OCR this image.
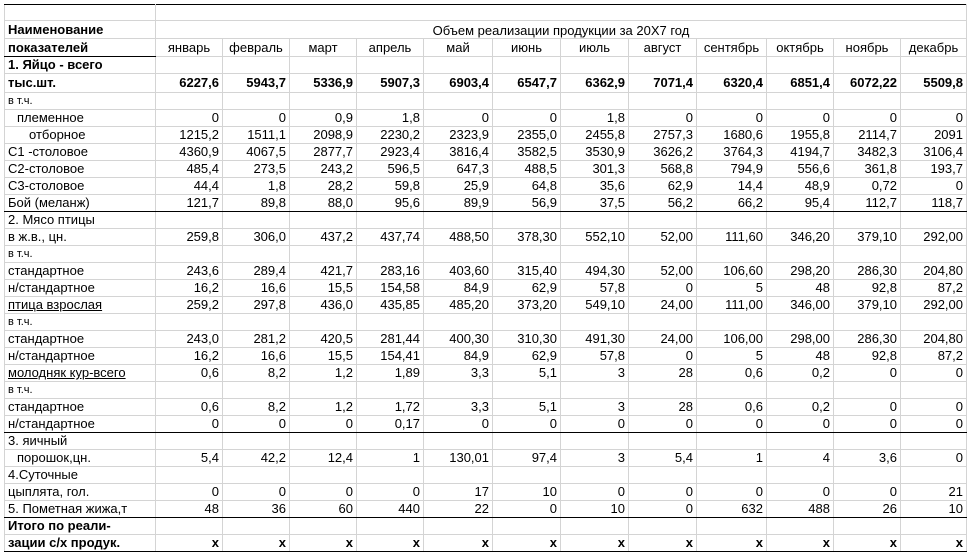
Наименование	Объем реализации продукции за 20Х7 год											
показателей	январь	февраль	март	апрель	май	июнь	июль	август	сентябрь	октябрь	ноябрь	декабрь
1. Яйцо - всего												
тыс.шт.	6227,6	5943,7	5336,9	5907,3	6903,4	6547,7	6362,9	7071,4	6320,4	6851,4	6072,22	5509,8
в т.ч.												
племенное	0	0	0,9	1,8	0	0	1,8	0	0	0	0	0
отборное	1215,2	1511,1	2098,9	2230,2	2323,9	2355,0	2455,8	2757,3	1680,6	1955,8	2114,7	2091
С1 -столовое	4360,9	4067,5	2877,7	2923,4	3816,4	3582,5	3530,9	3626,2	3764,3	4194,7	3482,3	3106,4
С2-столовое	485,4	273,5	243,2	596,5	647,3	488,5	301,3	568,8	794,9	556,6	361,8	193,7
С3-столовое	44,4	1,8	28,2	59,8	25,9	64,8	35,6	62,9	14,4	48,9	0,72	0
Бой (меланж)	121,7	89,8	88,0	95,6	89,9	56,9	37,5	56,2	66,2	95,4	112,7	118,7
2. Мясо птицы												
в ж.в., цн.	259,8	306,0	437,2	437,74	488,50	378,30	552,10	52,00	111,60	346,20	379,10	292,00
в т.ч.												
стандартное	243,6	289,4	421,7	283,16	403,60	315,40	494,30	52,00	106,60	298,20	286,30	204,80
н/стандартное	16,2	16,6	15,5	154,58	84,9	62,9	57,8	0	5	48	92,8	87,2
птица взрослая	259,2	297,8	436,0	435,85	485,20	373,20	549,10	24,00	111,00	346,00	379,10	292,00
в т.ч.												
стандартное	243,0	281,2	420,5	281,44	400,30	310,30	491,30	24,00	106,00	298,00	286,30	204,80
н/стандартное	16,2	16,6	15,5	154,41	84,9	62,9	57,8	0	5	48	92,8	87,2
молодняк кур-всего	0,6	8,2	1,2	1,89	3,3	5,1	3	28	0,6	0,2	0	0
в т.ч.												
стандартное	0,6	8,2	1,2	1,72	3,3	5,1	3	28	0,6	0,2	0	0
н/стандартное	0	0	0	0,17	0	0	0	0	0	0	0	0
3. яичный												
порошок,цн.	5,4	42,2	12,4	1	130,01	97,4	3	5,4	1	4	3,6	0
4.Суточные												
цыплята, гол.	0	0	0	0	17	10	0	0	0	0	0	21
5. Пометная жижа,т	48	36	60	440	22	0	10	0	632	488	26	10
Итого по реали-												
зации с/х продук.	х	х	х	х	х	х	х	х	х	х	х	х
